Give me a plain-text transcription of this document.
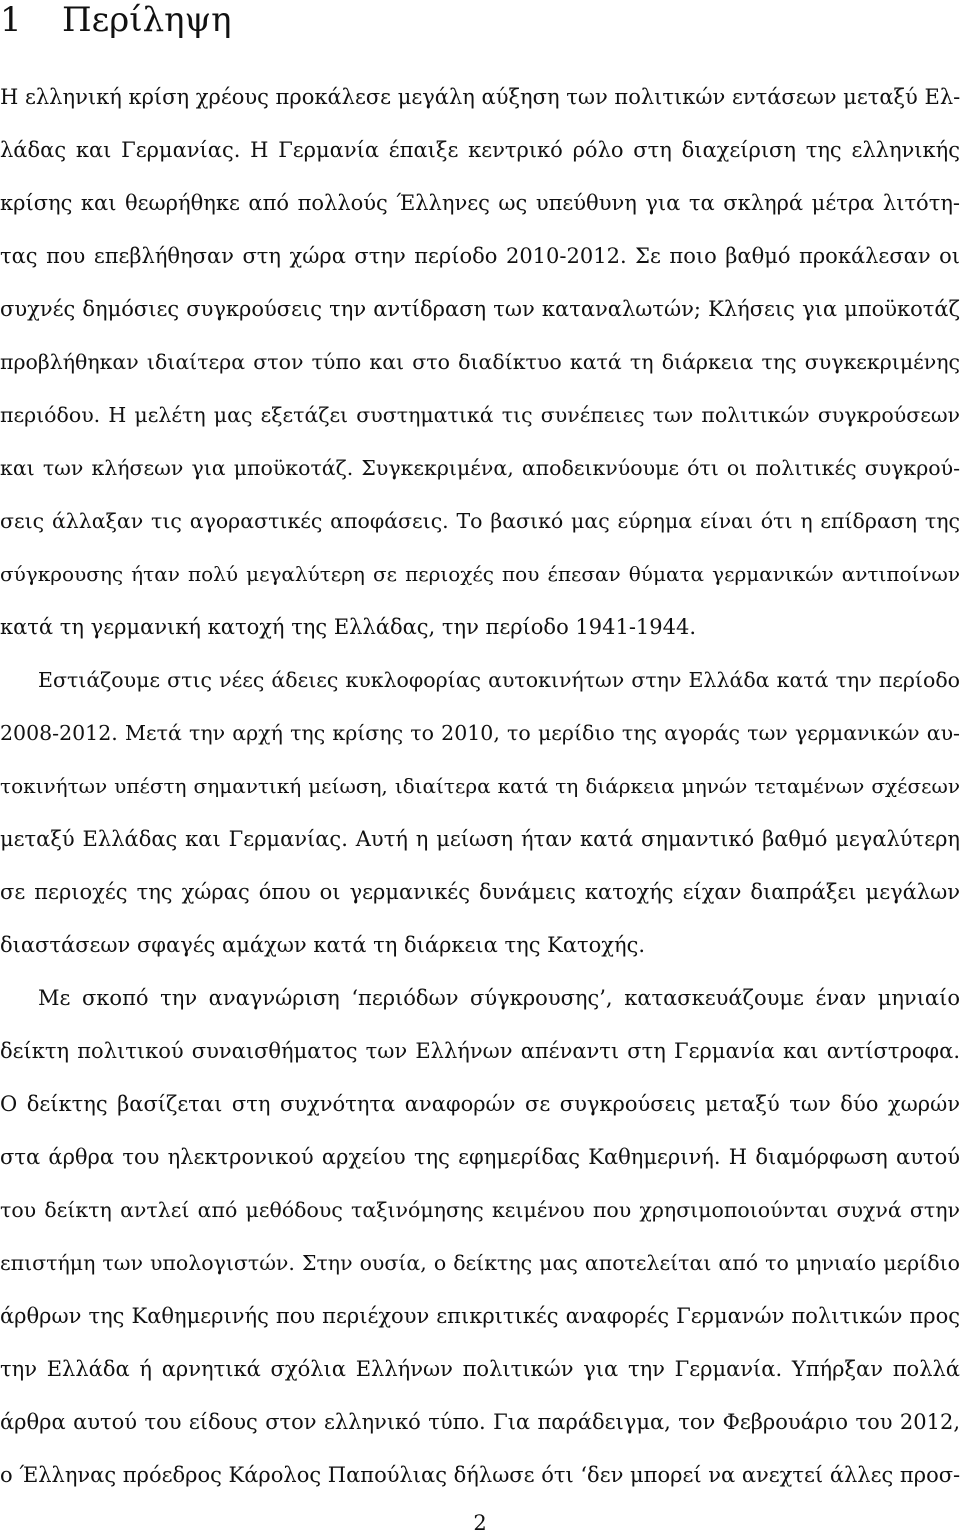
1 Περίληψη

Η ελληνική κρίση χρέους προκάλεσε μεγάλη αύξηση των πολιτικών εντάσεων μεταξύ Ελ-

λάδας και Γερμανίας. Η Γερμανία έπαιξε κεντρικό ρόλο στη διαχείριση της ελληνικής

κρίσης και θεωρήθηκε από πολλούς Έλληνες ως υπεύθυνη για τα σκληρά μέτρα λιτότη-

τας που επεβλήθησαν στη χώρα στην περίοδο 2010-2012. Σε ποιο βαθμό προκάλεσαν οι

συχνές δημόσιες συγκρούσεις την αντίδραση των καταναλωτών; Κλήσεις για μποϋκοτάζ

προβλήθηκαν ιδιαίτερα στον τύπο και στο διαδίκτυο κατά τη διάρκεια της συγκεκριμένης

περιόδου. Η μελέτη μας εξετάζει συστηματικά τις συνέπειες των πολιτικών συγκρούσεων

και των κλήσεων για μποϋκοτάζ. Συγκεκριμένα, αποδεικνύουμε ότι οι πολιτικές συγκρού-

σεις άλλαξαν τις αγοραστικές αποφάσεις. Το βασικό μας εύρημα είναι ότι η επίδραση της

σύγκρουσης ήταν πολύ μεγαλύτερη σε περιοχές που έπεσαν θύματα γερμανικών αντιποίνων

κατά τη γερμανική κατοχή της Ελλάδας, την περίοδο 1941-1944.

Εστιάζουμε στις νέες άδειες κυκλοφορίας αυτοκινήτων στην Ελλάδα κατά την περίοδο

2008-2012. Μετά την αρχή της κρίσης το 2010, το μερίδιο της αγοράς των γερμανικών αυ-

τοκινήτων υπέστη σημαντική μείωση, ιδιαίτερα κατά τη διάρκεια μηνών τεταμένων σχέσεων

μεταξύ Ελλάδας και Γερμανίας. Αυτή η μείωση ήταν κατά σημαντικό βαθμό μεγαλύτερη

σε περιοχές της χώρας όπου οι γερμανικές δυνάμεις κατοχής είχαν διαπράξει μεγάλων

διαστάσεων σφαγές αμάχων κατά τη διάρκεια της Κατοχής.

Με σκοπό την αναγνώριση ‘περιόδων σύγκρουσης’, κατασκευάζουμε έναν μηνιαίο

δείκτη πολιτικού συναισθήματος των Ελλήνων απέναντι στη Γερμανία και αντίστροφα.

Ο δείκτης βασίζεται στη συχνότητα αναφορών σε συγκρούσεις μεταξύ των δύο χωρών

στα άρθρα του ηλεκτρονικού αρχείου της εφημερίδας Καθημερινή. Η διαμόρφωση αυτού

του δείκτη αντλεί από μεθόδους ταξινόμησης κειμένου που χρησιμοποιούνται συχνά στην

επιστήμη των υπολογιστών. Στην ουσία, ο δείκτης μας αποτελείται από το μηνιαίο μερίδιο

άρθρων της Καθημερινής που περιέχουν επικριτικές αναφορές Γερμανών πολιτικών προς

την Ελλάδα ή αρνητικά σχόλια Ελλήνων πολιτικών για την Γερμανία. Υπήρξαν πολλά

άρθρα αυτού του είδους στον ελληνικό τύπο. Για παράδειγμα, τον Φεβρουάριο του 2012,

ο Έλληνας πρόεδρος Κάρολος Παπούλιας δήλωσε ότι ‘δεν μπορεί να ανεχτεί άλλες προσ-

2
